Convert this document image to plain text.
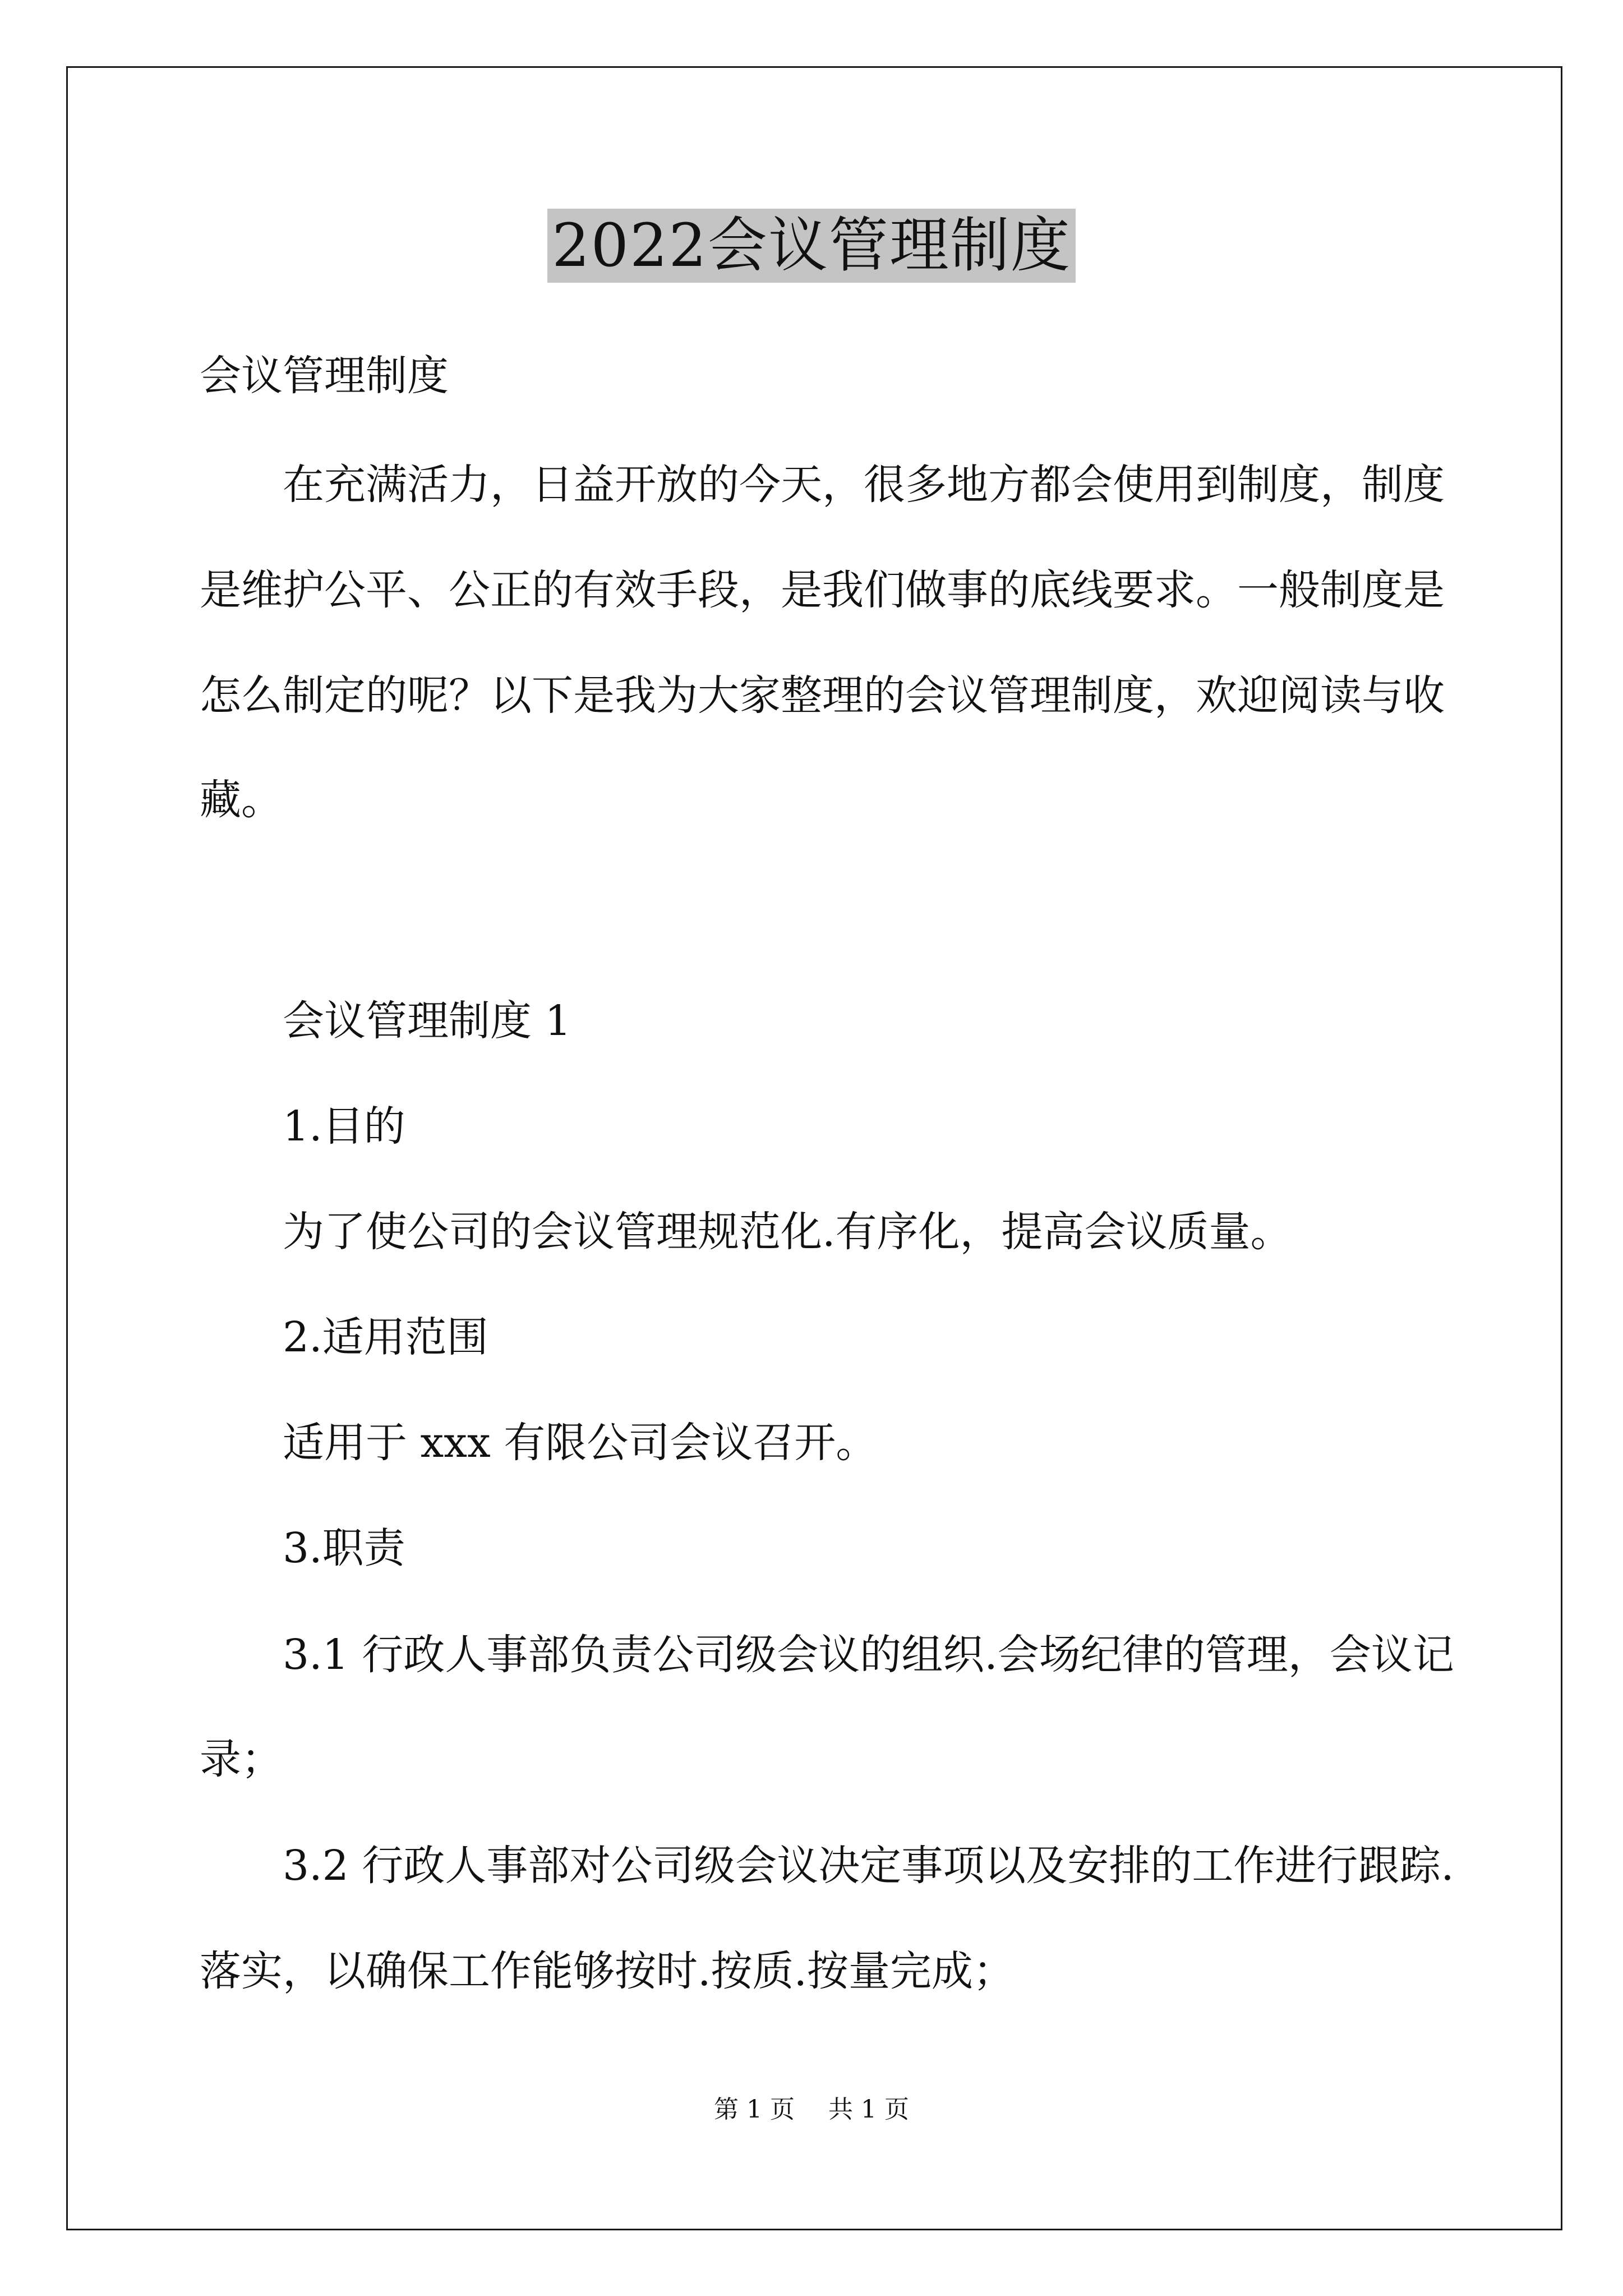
2022会议管理制度

会议管理制度

在充满活力，日益开放的今天，很多地方都会使用到制度，制度

是维护公平、公正的有效手段，是我们做事的底线要求。一般制度是

怎么制定的呢？以下是我为大家整理的会议管理制度，欢迎阅读与收

藏。

会议管理制度 1

1.目的

为了使公司的会议管理规范化.有序化，提高会议质量。

2.适用范围

适用于 xxx 有限公司会议召开。

3.职责

3.1 行政人事部负责公司级会议的组织.会场纪律的管理，会议记

录；

3.2 行政人事部对公司级会议决定事项以及安排的工作进行跟踪.

落实，以确保工作能够按时.按质.按量完成；

第 1 页 共 1 页
